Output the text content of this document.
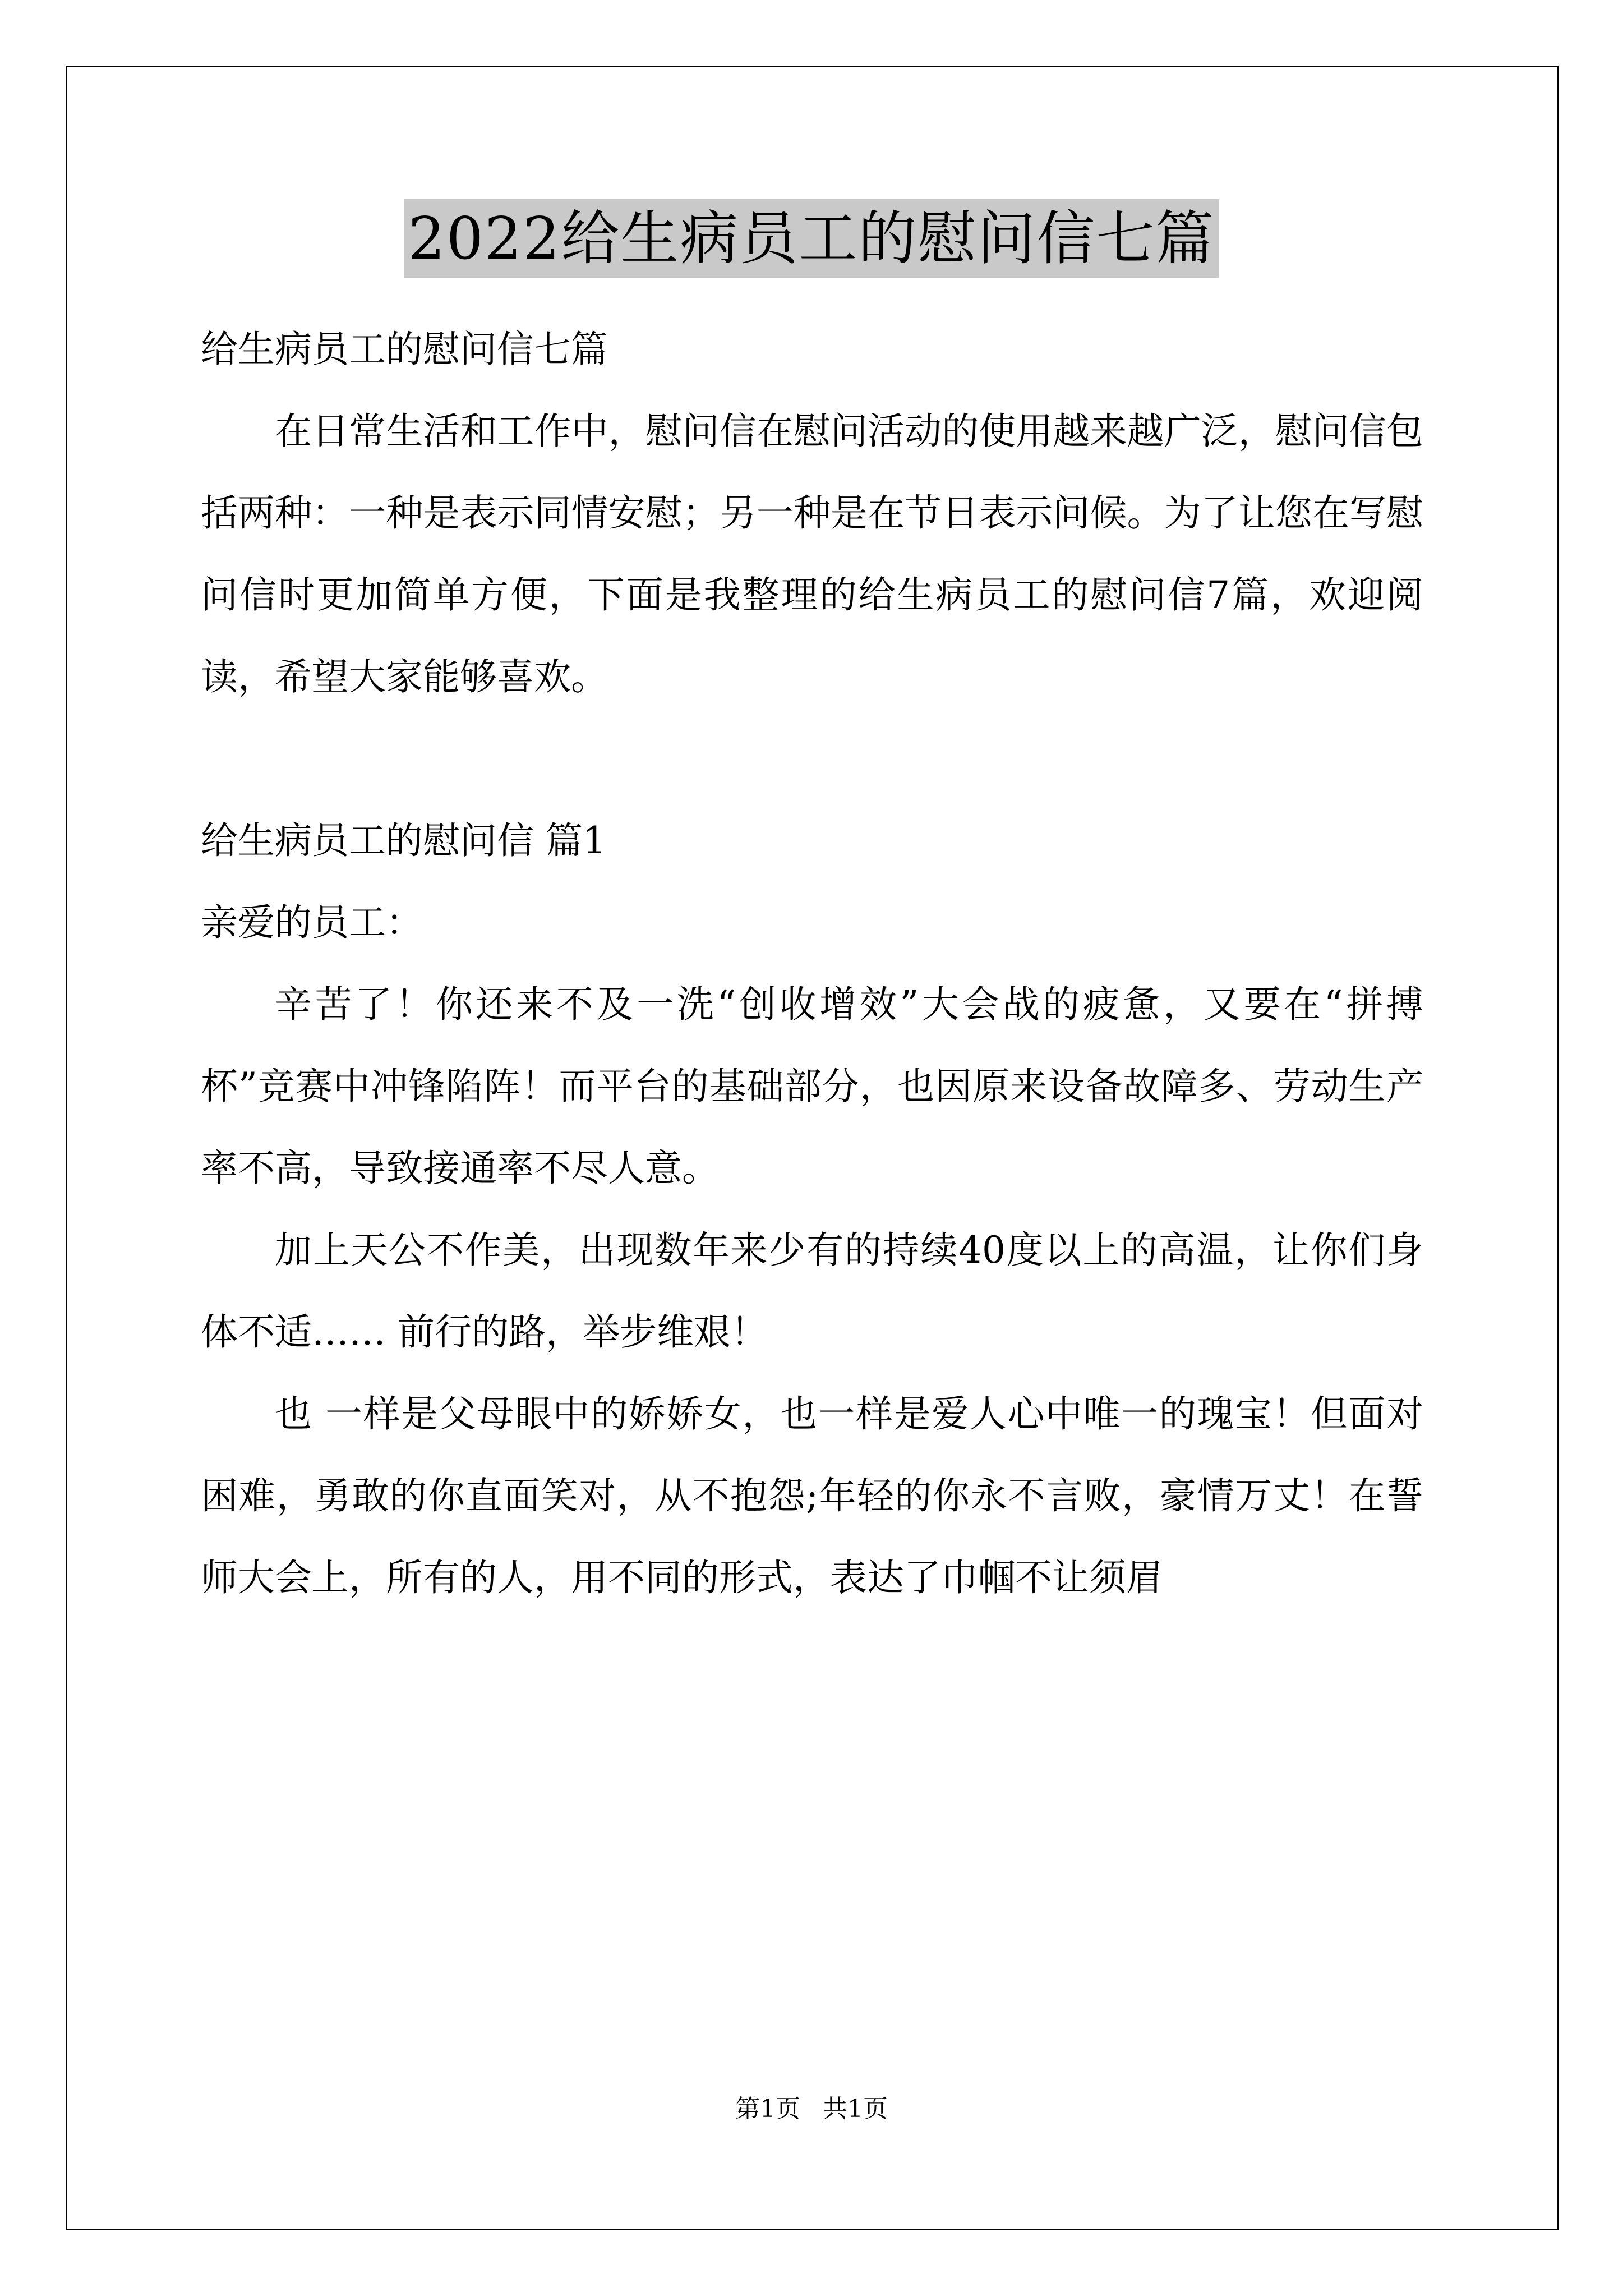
2022给生病员工的慰问信七篇
给生病员工的慰问信七篇
在日常生活和工作中，慰问信在慰问活动的使用越来越广泛，慰问信包括两种：一种是表示同情安慰；另一种是在节日表示问候。为了让您在写慰问信时更加简单方便，下面是我整理的给生病员工的慰问信7篇，欢迎阅读，希望大家能够喜欢。
给生病员工的慰问信 篇1
亲爱的员工：
辛苦了！你还来不及一洗“创收增效”大会战的疲惫，又要在“拼搏杯”竞赛中冲锋陷阵！而平台的基础部分，也因原来设备故障多、劳动生产率不高，导致接通率不尽人意。
加上天公不作美，出现数年来少有的持续40度以上的高温，让你们身体不适…… 前行的路，举步维艰！
也 一样是父母眼中的娇娇女，也一样是爱人心中唯一的瑰宝！但面对困难，勇敢的你直面笑对，从不抱怨;年轻的你永不言败，豪情万丈！在誓师大会上，所有的人，用不同的形式，表达了巾帼不让须眉
第1页 共1页
